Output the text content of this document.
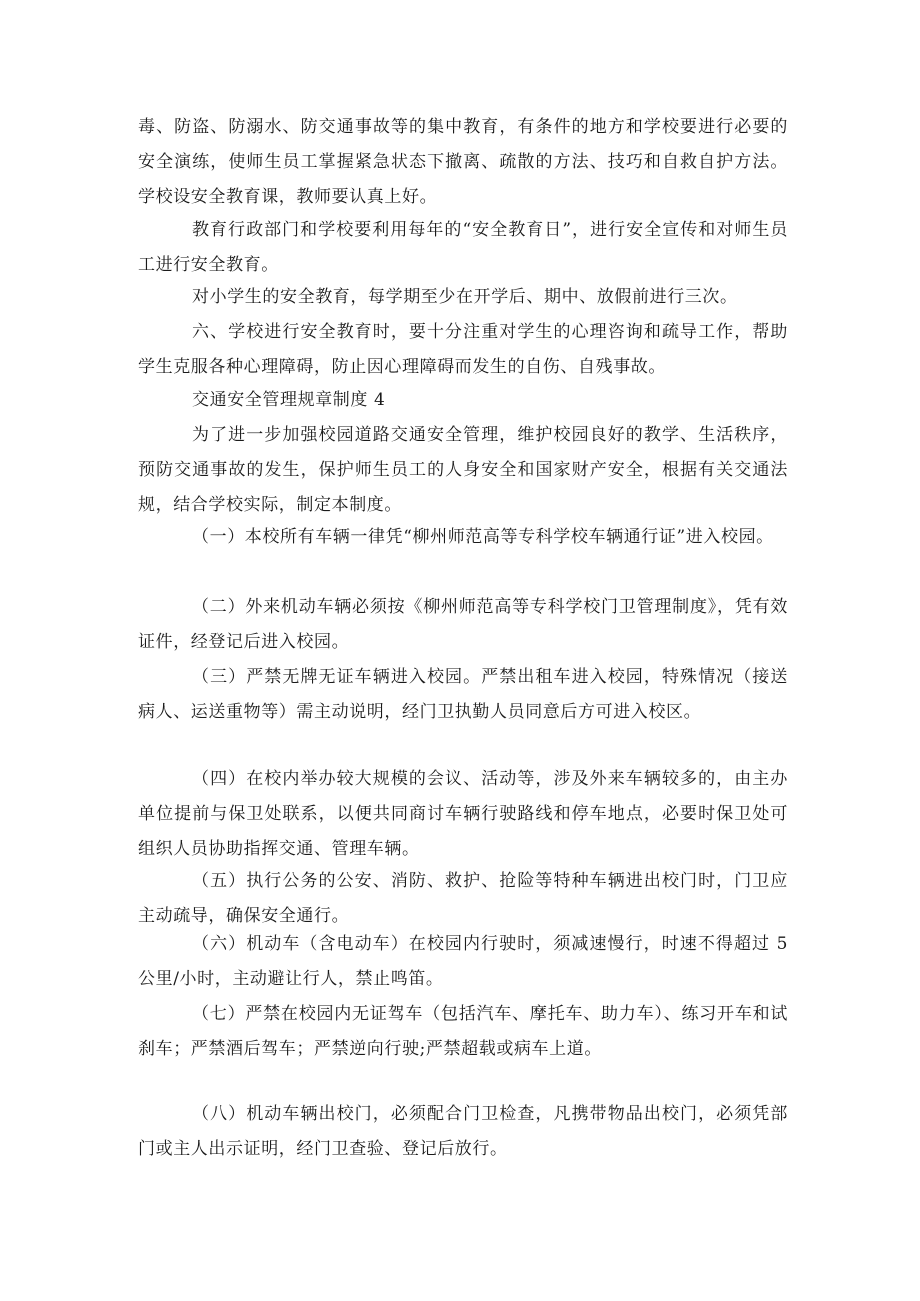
毒、防盗、防溺水、防交通事故等的集中教育，有条件的地方和学校要进行必要的安全演练，使师生员工掌握紧急状态下撤离、疏散的方法、技巧和自救自护方法。学校设安全教育课，教师要认真上好。

教育行政部门和学校要利用每年的“安全教育日”，进行安全宣传和对师生员工进行安全教育。

对小学生的安全教育，每学期至少在开学后、期中、放假前进行三次。

六、学校进行安全教育时，要十分注重对学生的心理咨询和疏导工作，帮助学生克服各种心理障碍，防止因心理障碍而发生的自伤、自残事故。

交通安全管理规章制度 4

为了进一步加强校园道路交通安全管理，维护校园良好的教学、生活秩序，预防交通事故的发生，保护师生员工的人身安全和国家财产安全，根据有关交通法规，结合学校实际，制定本制度。

（一）本校所有车辆一律凭“柳州师范高等专科学校车辆通行证”进入校园。

（二）外来机动车辆必须按《柳州师范高等专科学校门卫管理制度》，凭有效证件，经登记后进入校园。

（三）严禁无牌无证车辆进入校园。严禁出租车进入校园，特殊情况（接送病人、运送重物等）需主动说明，经门卫执勤人员同意后方可进入校区。

（四）在校内举办较大规模的会议、活动等，涉及外来车辆较多的，由主办单位提前与保卫处联系，以便共同商讨车辆行驶路线和停车地点，必要时保卫处可组织人员协助指挥交通、管理车辆。

（五）执行公务的公安、消防、救护、抢险等特种车辆进出校门时，门卫应主动疏导，确保安全通行。

（六）机动车（含电动车）在校园内行驶时，须减速慢行，时速不得超过 5 公里/小时，主动避让行人，禁止鸣笛。

（七）严禁在校园内无证驾车（包括汽车、摩托车、助力车）、练习开车和试刹车；严禁酒后驾车；严禁逆向行驶;严禁超载或病车上道。

（八）机动车辆出校门，必须配合门卫检查，凡携带物品出校门，必须凭部门或主人出示证明，经门卫查验、登记后放行。
